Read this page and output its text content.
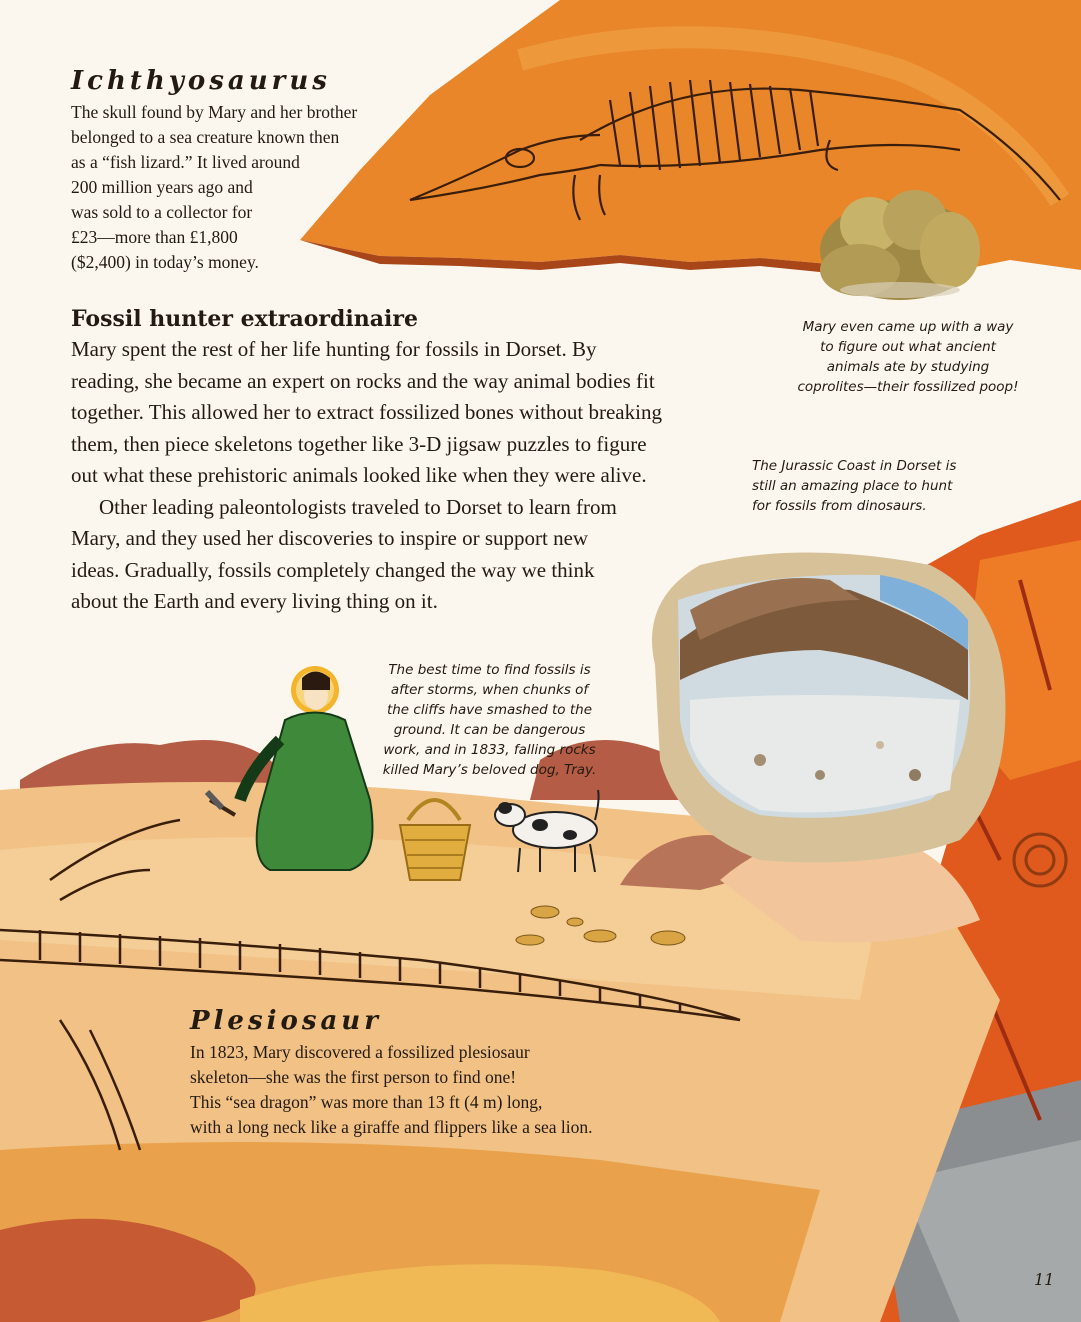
Ichthyosaurus
The skull found by Mary and her brother
belonged to a sea creature known then
as a “fish lizard.” It lived around
200 million years ago and
was sold to a collector for
£23—more than £1,800
($2,400) in today’s money.
Fossil hunter extraordinaire
Mary spent the rest of her life hunting for fossils in Dorset. By
reading, she became an expert on rocks and the way animal bodies fit
together. This allowed her to extract fossilized bones without breaking
them, then piece skeletons together like 3-D jigsaw puzzles to figure
out what these prehistoric animals looked like when they were alive.
Other leading paleontologists traveled to Dorset to learn from
Mary, and they used her discoveries to inspire or support new
ideas. Gradually, fossils completely changed the way we think
about the Earth and every living thing on it.
Mary even came up with a way
to figure out what ancient
animals ate by studying
coprolites—their fossilized poop!
The Jurassic Coast in Dorset is
still an amazing place to hunt
for fossils from dinosaurs.
The best time to find fossils is
after storms, when chunks of
the cliffs have smashed to the
ground. It can be dangerous
work, and in 1833, falling rocks
killed Mary’s beloved dog, Tray.
Plesiosaur
In 1823, Mary discovered a fossilized plesiosaur
skeleton—she was the first person to find one!
This “sea dragon” was more than 13 ft (4 m) long,
with a long neck like a giraffe and flippers like a sea lion.
11
